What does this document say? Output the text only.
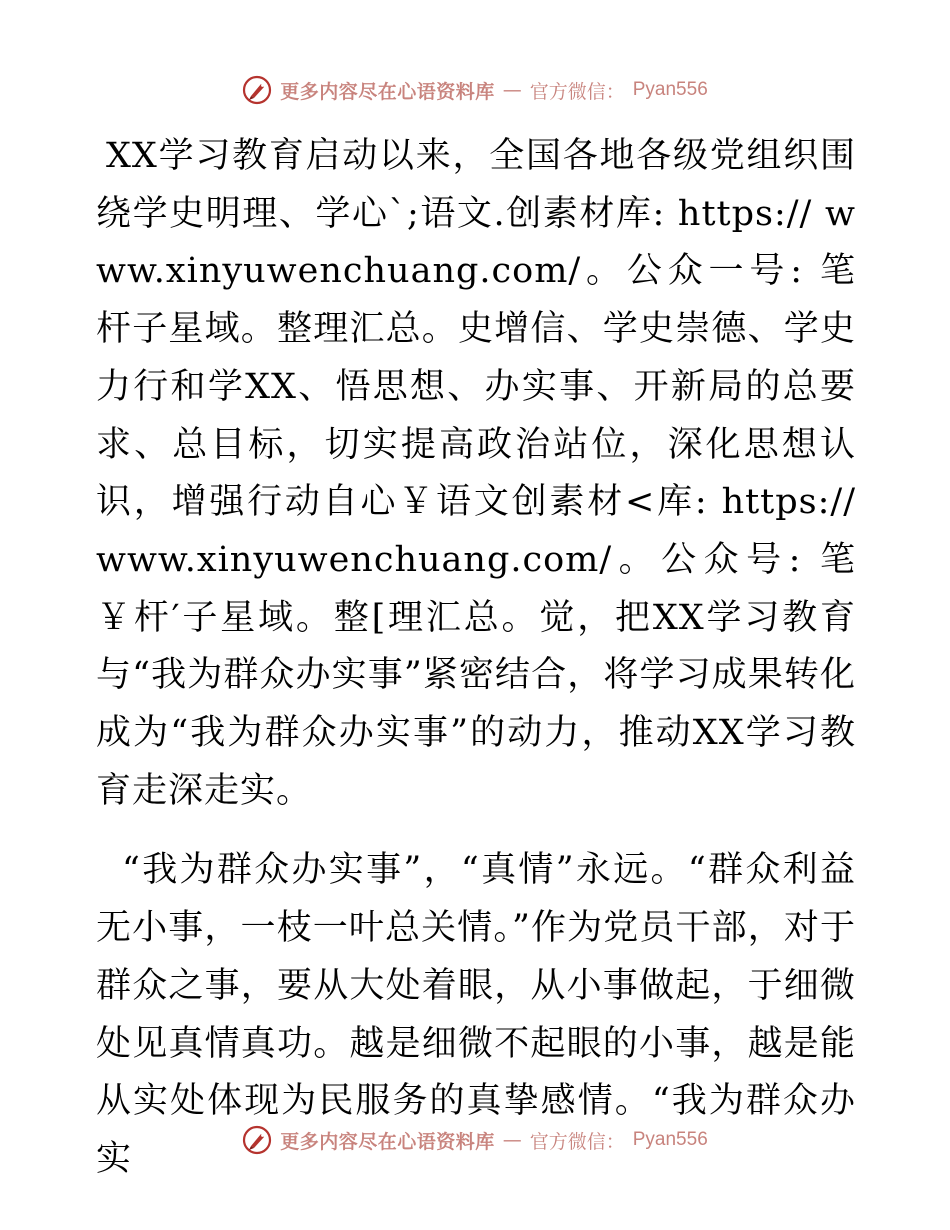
更多内容尽在心语资料库 — 官方微信： Pyan556

XX学习教育启动以来，全国各地各级党组织围绕学史明理、学心`;语文.创素材库: https:// www.xinyuwenchuang.com/。公众一号: 笔杆子星域。整理汇总。史增信、学史崇德、学史力行和学XX、悟思想、办实事、开新局的总要求、总目标，切实提高政治站位，深化思想认识，增强行动自心￥语文创素材<库: https:// www.xinyuwenchuang.com/。公众号: 笔￥杆′子星域。整[理汇总。觉，把XX学习教育与“我为群众办实事”紧密结合，将学习成果转化成为“我为群众办实事”的动力，推动XX学习教育走深走实。

“我为群众办实事”，“真情”永远。“群众利益无小事，一枝一叶总关情。”作为党员干部，对于群众之事，要从大处着眼，从小事做起，于细微处见真情真功。越是细微不起眼的小事，越是能从实处体现为民服务的真挚感情。“我为群众办实	更多内容尽在心语资料库 — 官方微信： Pyan556
